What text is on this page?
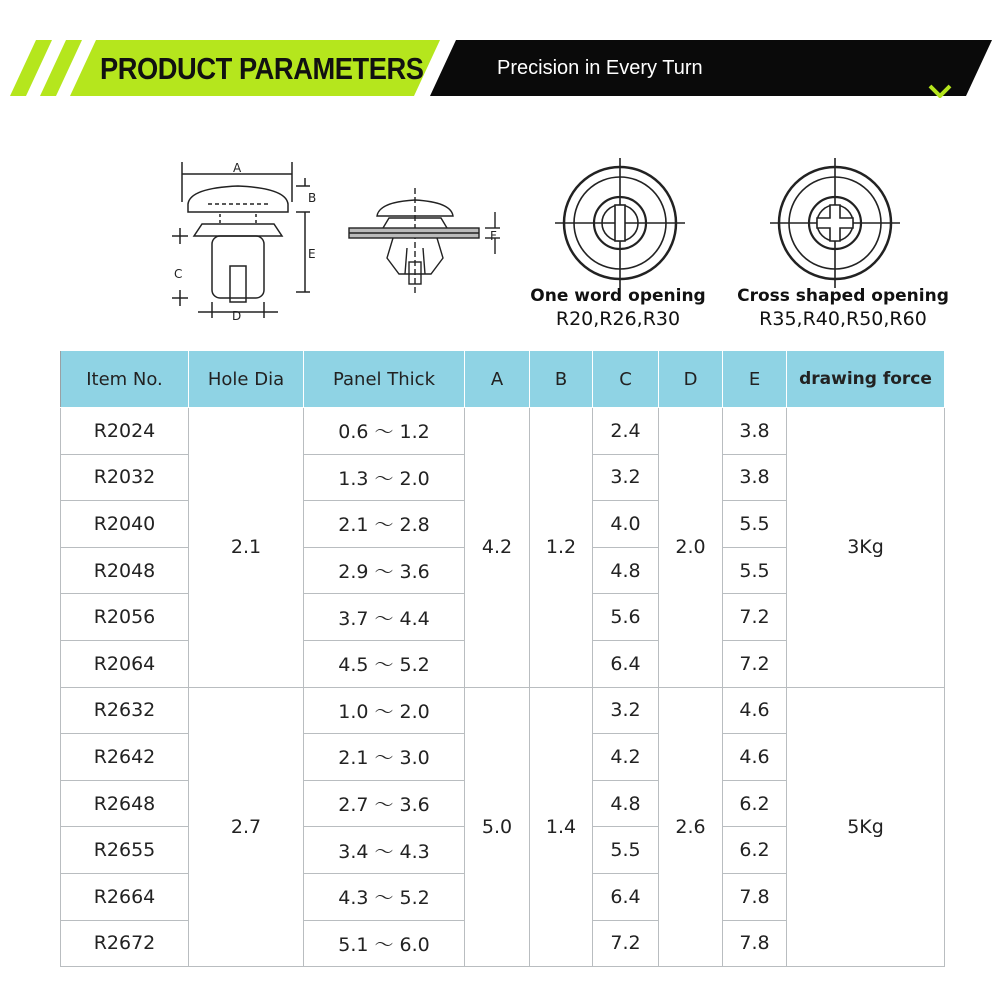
PRODUCT PARAMETERS	Precision in Every Turn
A
B
C
D
E
F
One word opening
R20,R26,R30
Cross shaped opening
R35,R40,R50,R60
Item No.	Hole Dia	Panel Thick	A	B	C	D	E	drawing force
R2024	2.1	0.6 ～ 1.2	4.2	1.2	2.4	2.0	3.8	3Kg
R2032		1.3 ～ 2.0			3.2		3.8	
R2040		2.1 ～ 2.8			4.0		5.5	
R2048		2.9 ～ 3.6			4.8		5.5	
R2056		3.7 ～ 4.4			5.6		7.2	
R2064		4.5 ～ 5.2			6.4		7.2	
R2632	2.7	1.0 ～ 2.0	5.0	1.4	3.2	2.6	4.6	5Kg
R2642		2.1 ～ 3.0			4.2		4.6	
R2648		2.7 ～ 3.6			4.8		6.2	
R2655		3.4 ～ 4.3			5.5		6.2	
R2664		4.3 ～ 5.2			6.4		7.8	
R2672		5.1 ～ 6.0			7.2		7.8	
